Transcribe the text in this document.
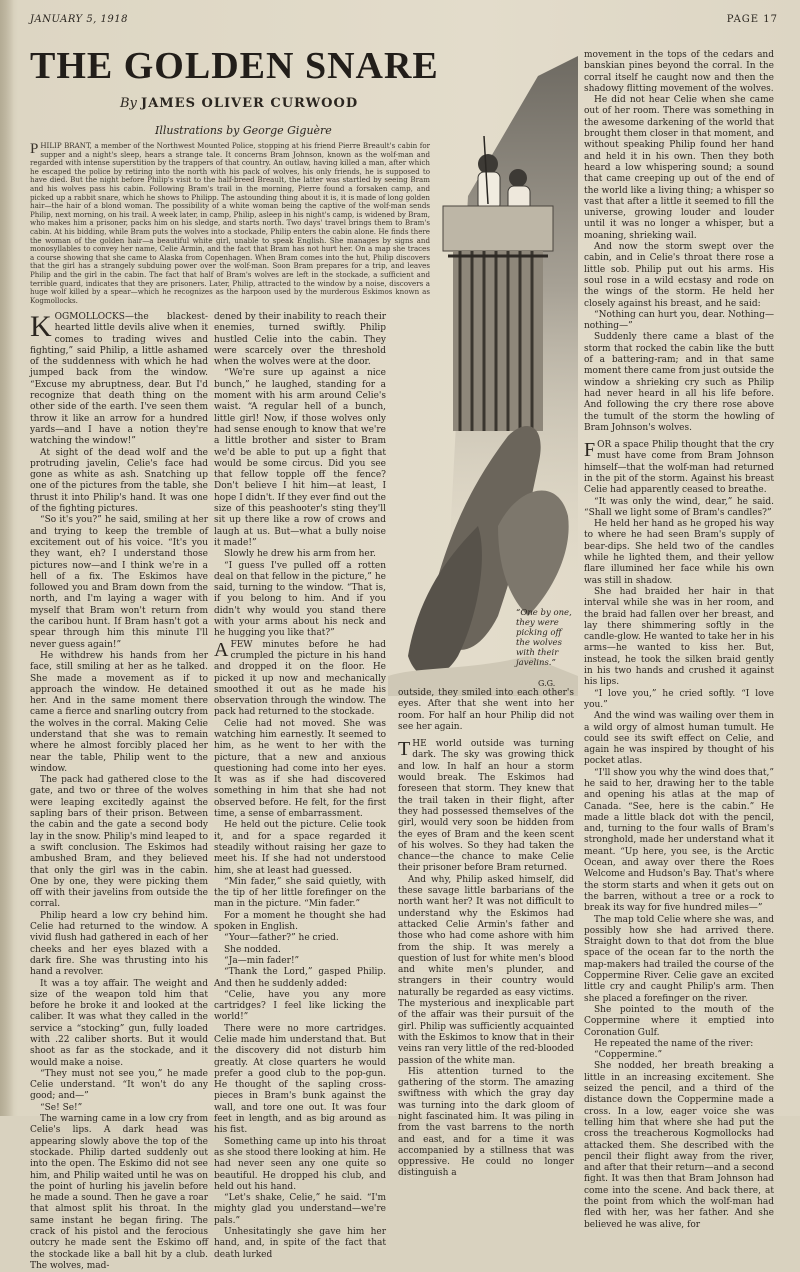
JANUARY 5, 1918	PAGE 17
THE GOLDEN SNARE
By JAMES OLIVER CURWOOD
Illustrations by George Giguère
PHILIP BRANT, a member of the Northwest Mounted Police, stopping at his friend Pierre Breault's cabin for supper and a night's sleep, hears a strange tale. It concerns Bram Johnson, known as the wolf-man and regarded with intense superstition by the trappers of that country. An outlaw, having killed a man, after which he escaped the police by retiring into the north with his pack of wolves, his only friends, he is supposed to have died. But the night before Philip's visit to the half-breed Breault, the latter was startled by seeing Bram and his wolves pass his cabin. Following Bram's trail in the morning, Pierre found a forsaken camp, and picked up a rabbit snare, which he shows to Philipp. The astounding thing about it is, it is made of long golden hair—the hair of a blond woman. The possibility of a white woman being the captive of the wolf-man sends Philip, next morning, on his trail. A week later, in camp, Philip, asleep in his night's camp, is widened by Bram, who makes him a prisoner, packs him on his sledge, and starts north. Two days' travel brings them to Bram's cabin. At his bidding, while Bram puts the wolves into a stockade, Philip enters the cabin alone. He finds there the woman of the golden hair—a beautiful white girl, unable to speak English. She manages by signs and monosyllables to convey her name, Celie Armin, and the fact that Bram has not hurt her. On a map she traces a course showing that she came to Alaska from Copenhagen. When Bram comes into the hut, Philip discovers that the girl has a strangely subduing power over the wolf-man. Soon Bram prepares for a trip, and leaves Philip and the girl in the cabin. The fact that half of Bram's wolves are left in the stockade, a sufficient and terrible guard, indicates that they are prisoners. Later, Philip, attracted to the window by a noise, discovers a huge wolf killed by a spear—which he recognizes as the harpoon used by the murderous Eskimos known as Kogmollocks.
G.G.
“One by one, they were picking off the wolves with their javelins.”

KOGMOLLOCKS—the blackest-hearted little devils alive when it comes to trading wives and fighting,” said Philip, a little ashamed of the suddenness with which he had jumped back from the window. “Excuse my abruptness, dear. But I'd recognize that death thing on the other side of the earth. I've seen them throw it like an arrow for a hundred yards—and I have a notion they're watching the window!”

At sight of the dead wolf and the protruding javelin, Celie's face had gone as white as ash. Snatching up one of the pictures from the table, she thrust it into Philip's hand. It was one of the fighting pictures.

“So it's you?” he said, smiling at her and trying to keep the tremble of excitement out of his voice. “It's you they want, eh? I understand those pictures now—and I think we're in a hell of a fix. The Eskimos have followed you and Bram down from the north, and I'm laying a wager with myself that Bram won't return from the caribou hunt. If Bram hasn't got a spear through him this minute I'll never guess again!”

He withdrew his hands from her face, still smiling at her as he talked. She made a movement as if to approach the window. He detained her. And in the same moment there came a fierce and snarling outcry from the wolves in the corral. Making Celie understand that she was to remain where he almost forcibly placed her near the table, Philip went to the window.

The pack had gathered close to the gate, and two or three of the wolves were leaping excitedly against the sapling bars of their prison. Between the cabin and the gate a second body lay in the snow. Philip's mind leaped to a swift conclusion. The Eskimos had ambushed Bram, and they believed that only the girl was in the cabin. One by one, they were picking them off with their javelins from outside the corral.

Philip heard a low cry behind him. Celie had returned to the window. A vivid flush had gathered in each of her cheeks and her eyes blazed with a dark fire. She was thrusting into his hand a revolver.

It was a toy affair. The weight and size of the weapon told him that before he broke it and looked at the caliber. It was what they called in the service a “stocking” gun, fully loaded with .22 caliber shorts. But it would shoot as far as the stockade, and it would make a noise.

“They must not see you,” he made Celie understand. “It won't do any good; and—”

“Se! Se!”

The warning came in a low cry from Celie's lips. A dark head was appearing slowly above the top of the stockade. Philip darted suddenly out into the open. The Eskimo did not see him, and Philip waited until he was on the point of hurling his javelin before he made a sound. Then he gave a roar that almost split his throat. In the same instant he began firing. The crack of his pistol and the ferocious outcry he made sent the Eskimo off the stockade like a ball hit by a club. The wolves, mad-

dened by their inability to reach their enemies, turned swiftly. Philip hustled Celie into the cabin. They were scarcely over the threshold when the wolves were at the door.

“We're sure up against a nice bunch,” he laughed, standing for a moment with his arm around Celie's waist. “A regular hell of a bunch, little girl! Now, if those wolves only had sense enough to know that we're a little brother and sister to Bram we'd be able to put up a fight that would be some circus. Did you see that fellow topple off the fence? Don't believe I hit him—at least, I hope I didn't. If they ever find out the size of this peashooter's sting they'll sit up there like a row of crows and laugh at us. But—what a bully noise it made!”

Slowly he drew his arm from her.

“I guess I've pulled off a rotten deal on that fellow in the picture,” he said, turning to the window. “That is, if you belong to him. And if you didn't why would you stand there with your arms about his neck and he hugging you like that?”

AFEW minutes before he had crumpled the picture in his hand and dropped it on the floor. He picked it up now and mechanically smoothed it out as he made his observation through the window. The pack had returned to the stockade.

Celie had not moved. She was watching him earnestly. It seemed to him, as he went to her with the picture, that a new and anxious questioning had come into her eyes. It was as if she had discovered something in him that she had not observed before. He felt, for the first time, a sense of embarrassment.

He held out the picture. Celie took it, and for a space regarded it steadily without raising her gaze to meet his. If she had not understood him, she at least had guessed.

“Min fader,” she said quietly, with the tip of her little forefinger on the man in the picture. “Min fader.”

For a moment he thought she had spoken in English.

“Your—father?” he cried.

She nodded.

“Ja—min fader!”

“Thank the Lord,” gasped Philip. And then he suddenly added:

“Celie, have you any more cartridges? I feel like licking the world!”

There were no more cartridges. Celie made him understand that. But the discovery did not disturb him greatly. At close quarters he would prefer a good club to the pop-gun. He thought of the sapling cross-pieces in Bram's bunk against the wall, and tore one out. It was four feet in length, and as big around as his fist.

Something came up into his throat as she stood there looking at him. He had never seen any one quite so beautiful. He dropped his club, and held out his hand.

“Let's shake, Celie,” he said. “I'm mighty glad you understand—we're pals.”

Unhesitatingly she gave him her hand, and, in spite of the fact that death lurked

outside, they smiled into each other's eyes. After that she went into her room. For half an hour Philip did not see her again.

THE world outside was turning dark. The sky was growing thick and low. In half an hour a storm would break. The Eskimos had foreseen that storm. They knew that the trail taken in their flight, after they had possessed themselves of the girl, would very soon be hidden from the eyes of Bram and the keen scent of his wolves. So they had taken the chance—the chance to make Celie their prisoner before Bram returned.

And why, Philip asked himself, did these savage little barbarians of the north want her? It was not difficult to understand why the Eskimos had attacked Celie Armin's father and those who had come ashore with him from the ship. It was merely a question of lust for white men's blood and white men's plunder, and strangers in their country would naturally be regarded as easy victims. The mysterious and inexplicable part of the affair was their pursuit of the girl. Philip was sufficiently acquainted with the Eskimos to know that in their veins ran very little of the red-blooded passion of the white man.

His attention turned to the gathering of the storm. The amazing swiftness with which the gray day was turning into the dark gloom of night fascinated him. It was piling in from the vast barrens to the north and east, and for a time it was accompanied by a stillness that was oppressive. He could no longer distinguish a

movement in the tops of the cedars and banskian pines beyond the corral. In the corral itself he caught now and then the shadowy flitting movement of the wolves.

He did not hear Celie when she came out of her room. There was something in the awesome darkening of the world that brought them closer in that moment, and without speaking Philip found her hand and held it in his own. Then they both heard a low whispering sound; a sound that came creeping up out of the end of the world like a living thing; a whisper so vast that after a little it seemed to fill the universe, growing louder and louder until it was no longer a whisper, but a moaning, shrieking wail.

And now the storm swept over the cabin, and in Celie's throat there rose a little sob. Philip put out his arms. His soul rose in a wild ecstasy and rode on the wings of the storm. He held her closely against his breast, and he said:

“Nothing can hurt you, dear. Nothing—nothing—”

Suddenly there came a blast of the storm that rocked the cabin like the butt of a battering-ram; and in that same moment there came from just outside the window a shrieking cry such as Philip had never heard in all his life before. And following the cry there rose above the tumult of the storm the howling of Bram Johnson's wolves.

FOR a space Philip thought that the cry must have come from Bram Johnson himself—that the wolf-man had returned in the pit of the storm. Against his breast Celie had apparently ceased to breathe.

“It was only the wind, dear,” he said. “Shall we light some of Bram's candles?”

He held her hand as he groped his way to where he had seen Bram's supply of bear-dips. She held two of the candles while he lighted them, and their yellow flare illumined her face while his own was still in shadow.

She had braided her hair in that interval while she was in her room, and the braid had fallen over her breast, and lay there shimmering softly in the candle-glow. He wanted to take her in his arms—he wanted to kiss her. But, instead, he took the silken braid gently in his two hands and crushed it against his lips.

“I love you,” he cried softly. “I love you.”

And the wind was wailing over them in a wild orgy of almost human tumult. He could see its swift effect on Celie, and again he was inspired by thought of his pocket atlas.

“I'll show you why the wind does that,” he said to her, drawing her to the table and opening his atlas at the map of Canada. “See, here is the cabin.” He made a little black dot with the pencil, and, turning to the four walls of Bram's stronghold, made her understand what it meant. “Up here, you see, is the Arctic Ocean, and away over there the Roes Welcome and Hudson's Bay. That's where the storm starts and when it gets out on the barren, without a tree or a rock to break its way for five hundred miles—”

The map told Celie where she was, and possibly how she had arrived there. Straight down to that dot from the blue space of the ocean far to the north the map-makers had trailed the course of the Coppermine River. Celie gave an excited little cry and caught Philip's arm. Then she placed a forefinger on the river.

She pointed to the mouth of the Coppermine where it emptied into Coronation Gulf.

He repeated the name of the river:

“Coppermine.”

She nodded, her breath breaking a little in an increasing excitement. She seized the pencil, and a third of the distance down the Coppermine made a cross. In a low, eager voice she was telling him that where she had put the cross the treacherous Kogmollocks had attacked them. She described with the pencil their flight away from the river, and after that their return—and a second fight. It was then that Bram Johnson had come into the scene. And back there, at the point from which the wolf-man had fled with her, was her father. And she believed he was alive, for
